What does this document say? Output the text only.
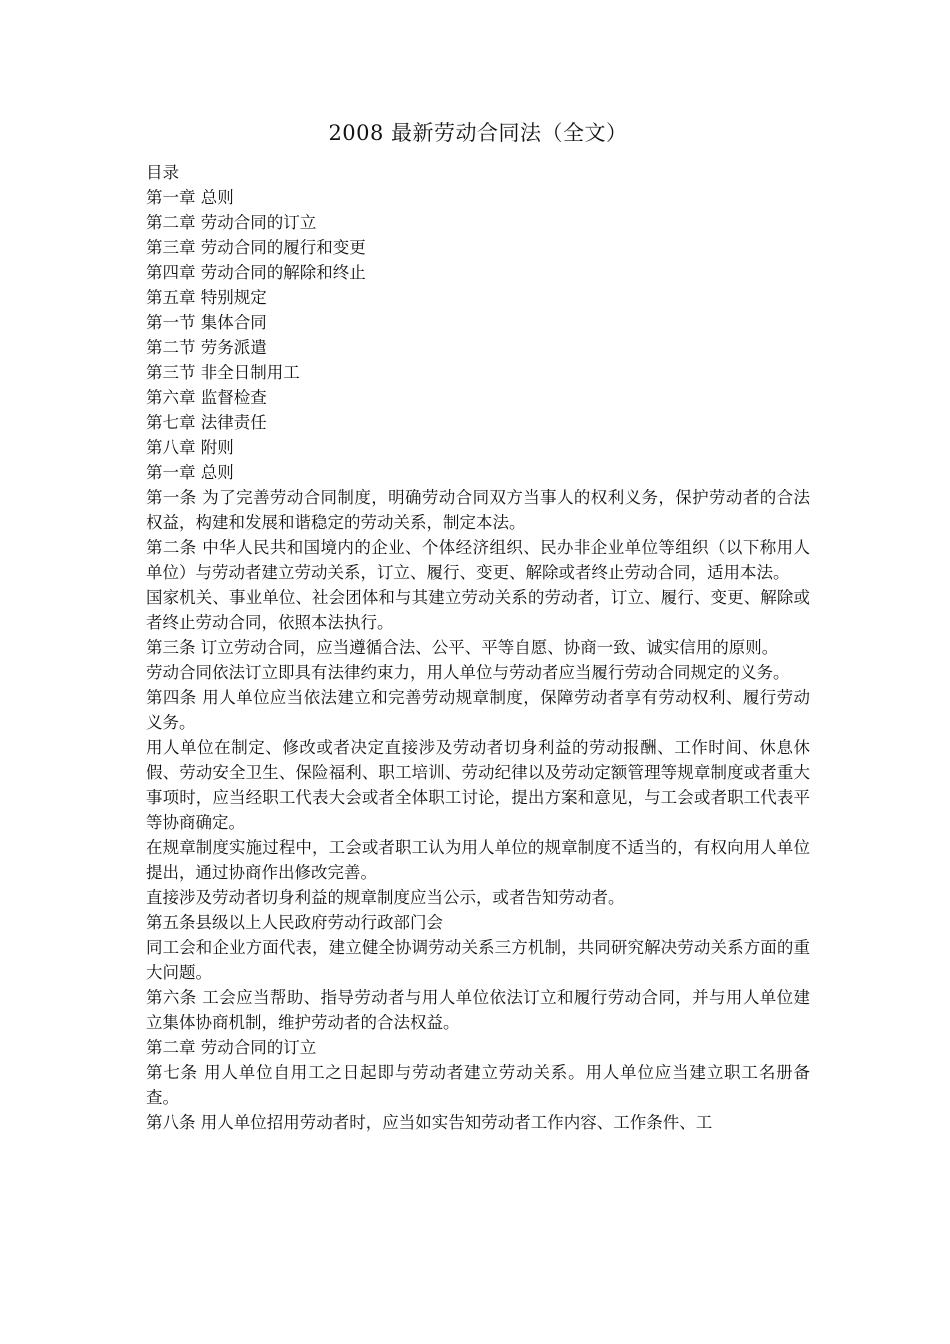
2008 最新劳动合同法（全文）

目录

第一章 总则

第二章 劳动合同的订立

第三章 劳动合同的履行和变更

第四章 劳动合同的解除和终止

第五章 特别规定

第一节 集体合同

第二节 劳务派遣

第三节 非全日制用工

第六章 监督检查

第七章 法律责任

第八章 附则

第一章 总则

第一条 为了完善劳动合同制度，明确劳动合同双方当事人的权利义务，保护劳动者的合法权益，构建和发展和谐稳定的劳动关系，制定本法。

第二条 中华人民共和国境内的企业、个体经济组织、民办非企业单位等组织（以下称用人单位）与劳动者建立劳动关系，订立、履行、变更、解除或者终止劳动合同，适用本法。

国家机关、事业单位、社会团体和与其建立劳动关系的劳动者，订立、履行、变更、解除或者终止劳动合同，依照本法执行。

第三条 订立劳动合同，应当遵循合法、公平、平等自愿、协商一致、诚实信用的原则。

劳动合同依法订立即具有法律约束力，用人单位与劳动者应当履行劳动合同规定的义务。

第四条 用人单位应当依法建立和完善劳动规章制度，保障劳动者享有劳动权利、履行劳动义务。

用人单位在制定、修改或者决定直接涉及劳动者切身利益的劳动报酬、工作时间、休息休假、劳动安全卫生、保险福利、职工培训、劳动纪律以及劳动定额管理等规章制度或者重大事项时，应当经职工代表大会或者全体职工讨论，提出方案和意见，与工会或者职工代表平等协商确定。

在规章制度实施过程中，工会或者职工认为用人单位的规章制度不适当的，有权向用人单位提出，通过协商作出修改完善。

直接涉及劳动者切身利益的规章制度应当公示，或者告知劳动者。

第五条县级以上人民政府劳动行政部门会

同工会和企业方面代表，建立健全协调劳动关系三方机制，共同研究解决劳动关系方面的重大问题。

第六条 工会应当帮助、指导劳动者与用人单位依法订立和履行劳动合同，并与用人单位建立集体协商机制，维护劳动者的合法权益。

第二章 劳动合同的订立

第七条 用人单位自用工之日起即与劳动者建立劳动关系。用人单位应当建立职工名册备查。

第八条 用人单位招用劳动者时，应当如实告知劳动者工作内容、工作条件、工
